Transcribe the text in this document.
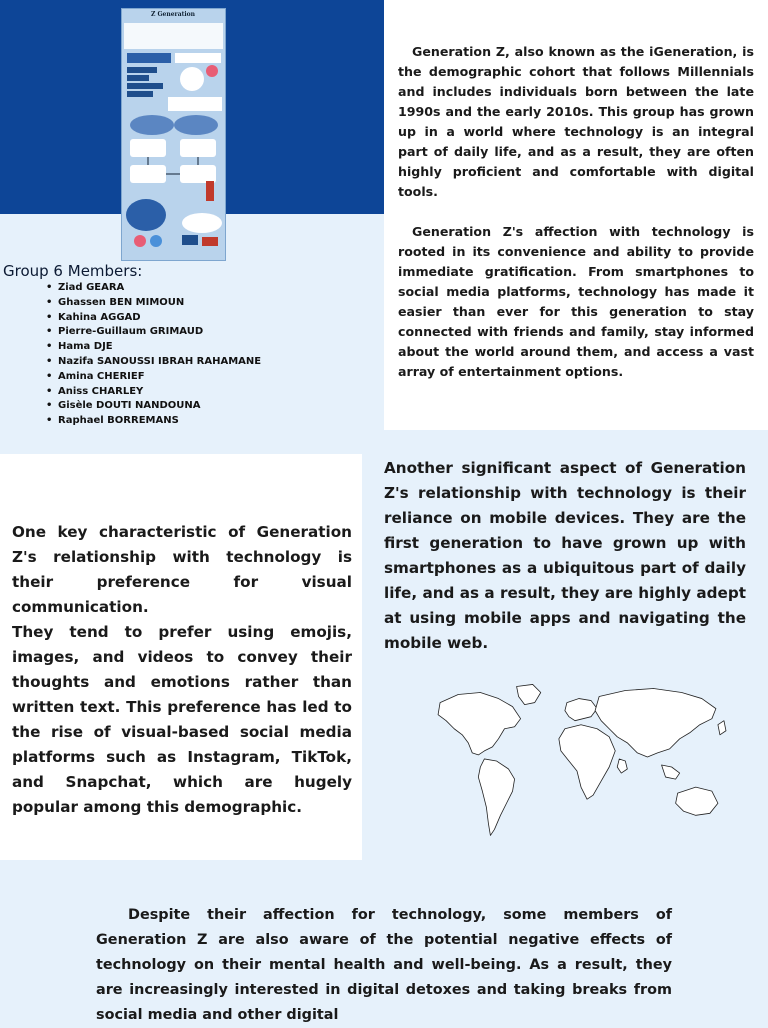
Z Generation
Group 6 Members:
• Ziad GEARA
• Ghassen BEN MIMOUN
• Kahina AGGAD
• Pierre-Guillaum GRIMAUD
• Hama DJE
• Nazifa SANOUSSI IBRAH RAHAMANE
• Amina CHERIEF
• Aniss CHARLEY
• Gisèle DOUTI NANDOUNA
• Raphael BORREMANS

Generation Z, also known as the iGeneration, is the demographic cohort that follows Millennials and includes individuals born between the late 1990s and the early 2010s. This group has grown up in a world where technology is an integral part of daily life, and as a result, they are often highly proficient and comfortable with digital tools.

Generation Z's affection with technology is rooted in its convenience and ability to provide immediate gratification. From smartphones to social media platforms, technology has made it easier than ever for this generation to stay connected with friends and family, stay informed about the world around them, and access a vast array of entertainment options.

One key characteristic of Generation Z's relationship with technology is their preference for visual communication.
They tend to prefer using emojis, images, and videos to convey their thoughts and emotions rather than written text. This preference has led to the rise of visual-based social media platforms such as Instagram, TikTok, and Snapchat, which are hugely popular among this demographic.

Another significant aspect of Generation Z's relationship with technology is their reliance on mobile devices. They are the first generation to have grown up with smartphones as a ubiquitous part of daily life, and as a result, they are highly adept at using mobile apps and navigating the mobile web.

Despite their affection for technology, some members of Generation Z are also aware of the potential negative effects of technology on their mental health and well-being. As a result, they are increasingly interested in digital detoxes and taking breaks from social media and other digital
